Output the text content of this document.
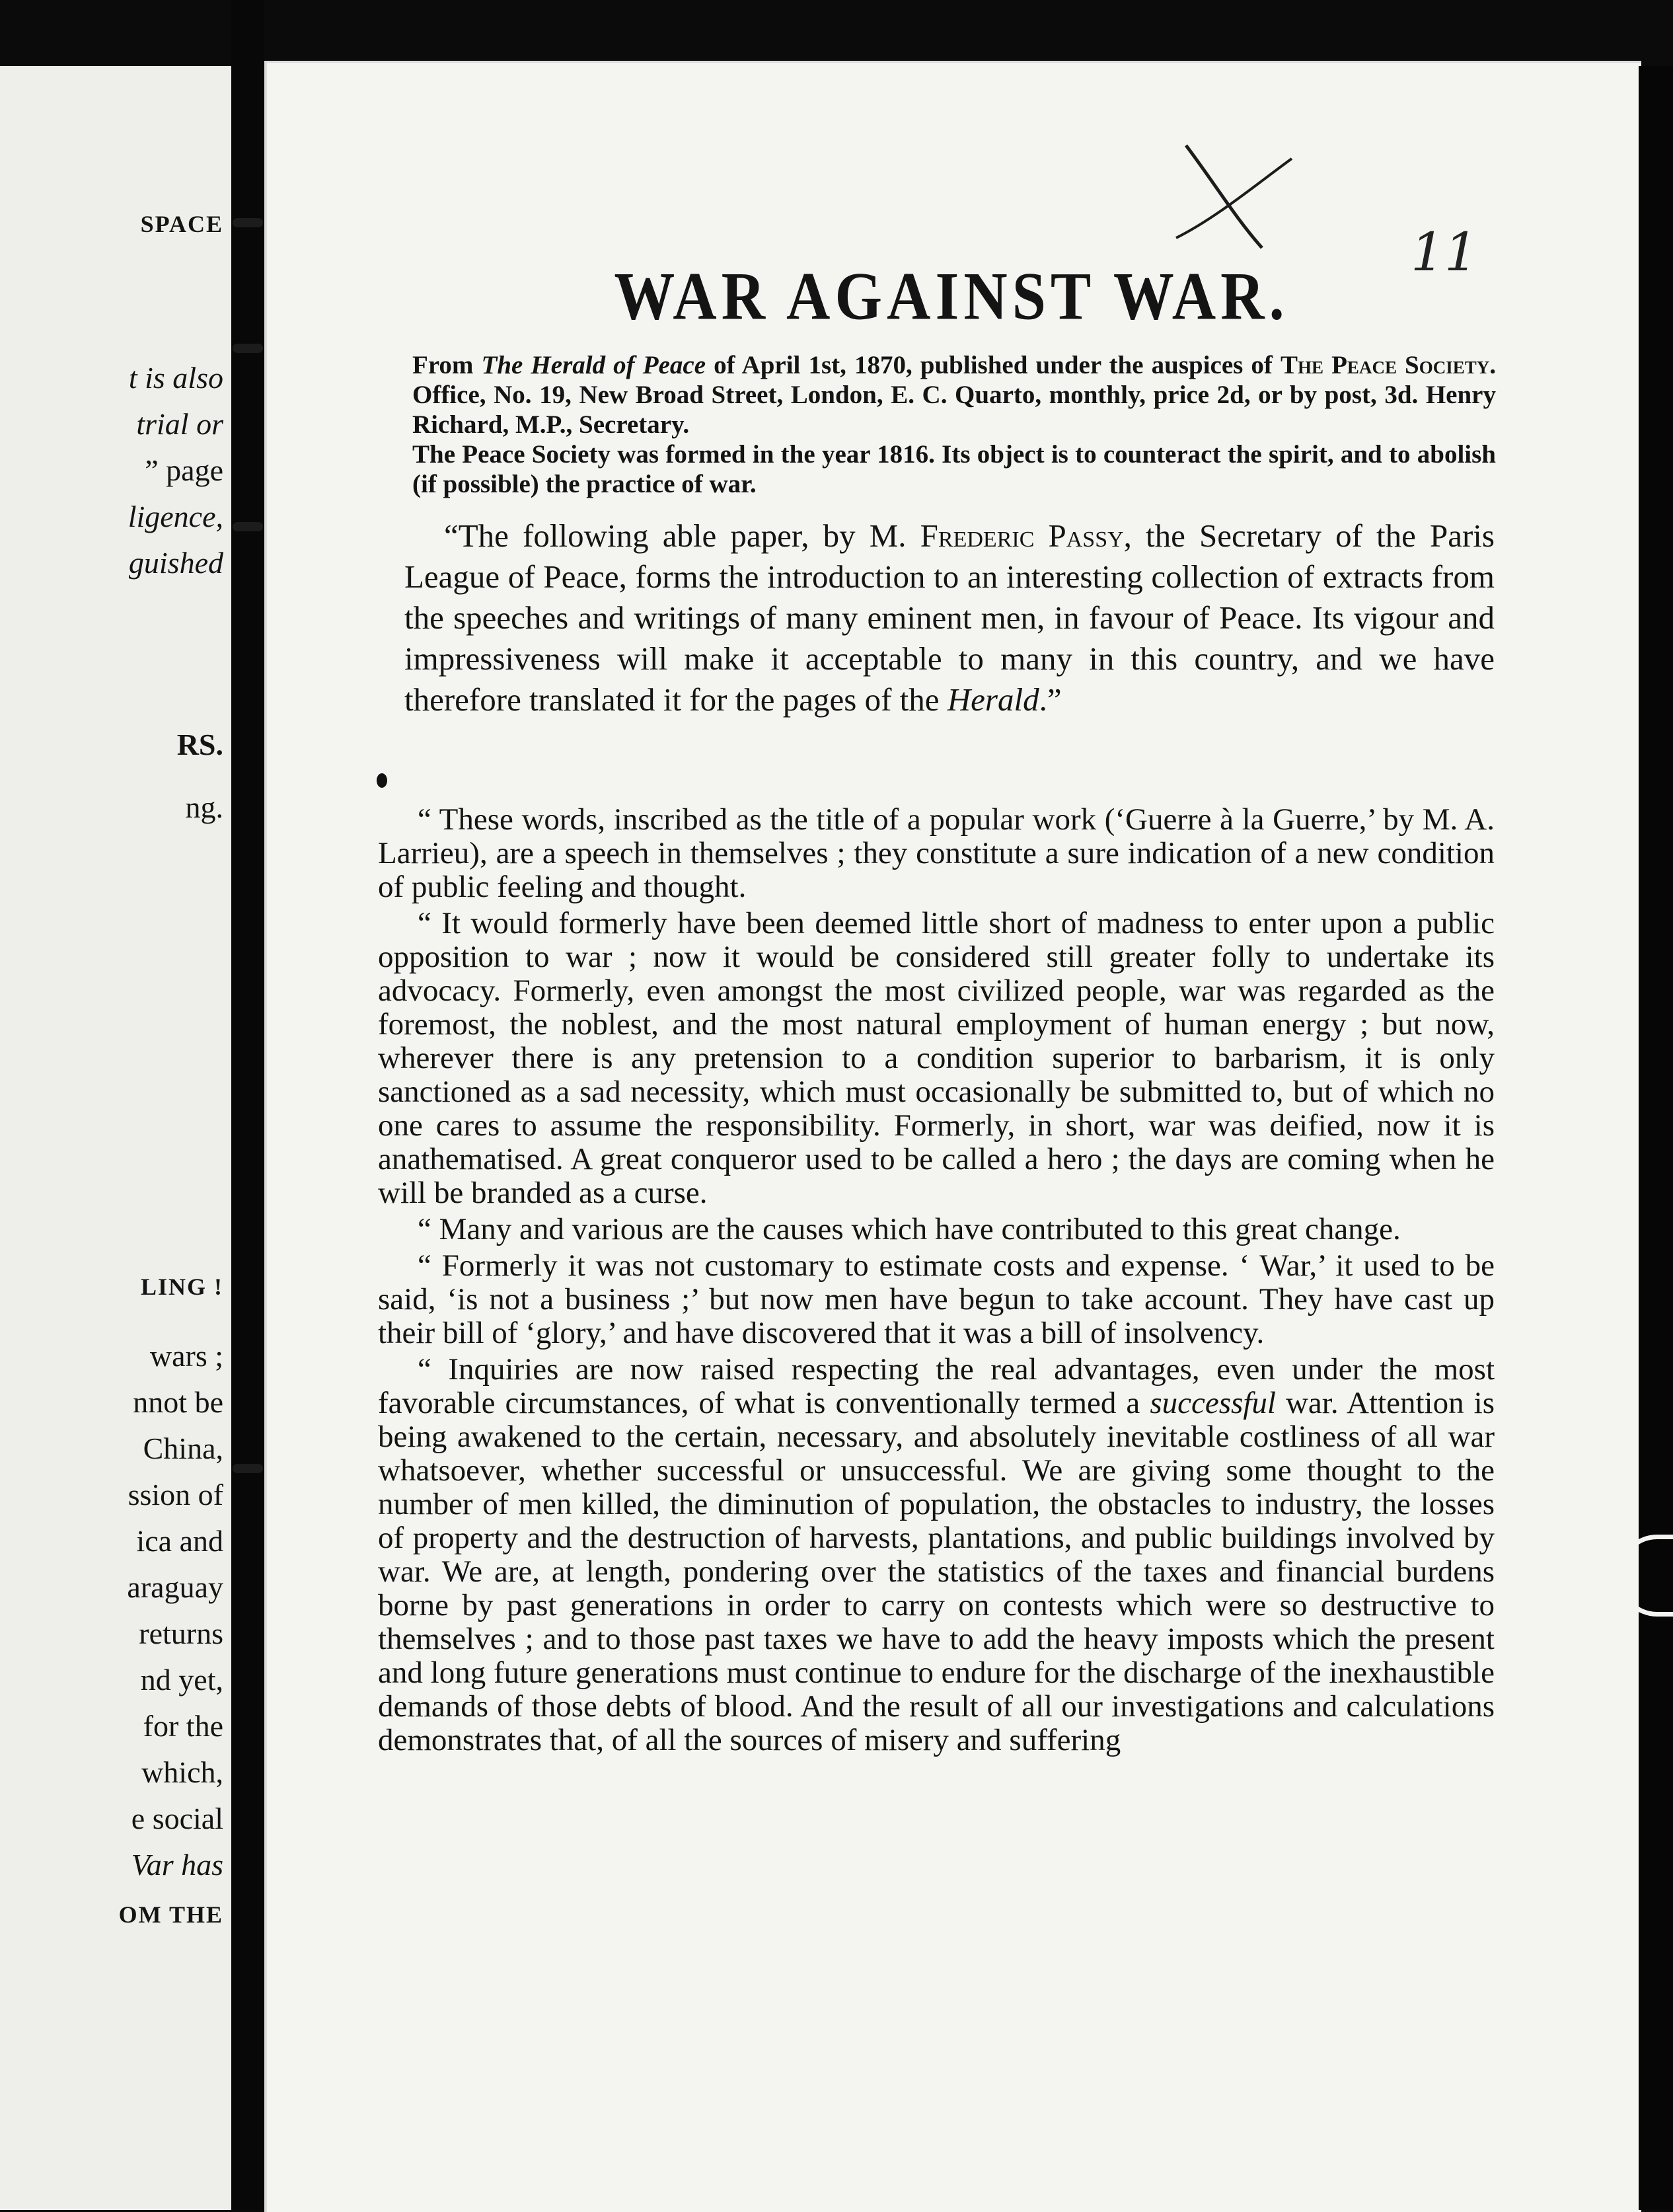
SPACE
t is also
trial or
” page
ligence,
guished
RS.
ng.
LING !
wars ;
nnot be
China,
ssion of
ica and
araguay
returns
nd yet,
for the
which,
e social
Var has
OM THE
11
WAR AGAINST WAR.

From The Herald of Peace of April 1st, 1870, published under the auspices of The Peace Society. Office, No. 19, New Broad Street, London, E. C. Quarto, monthly, price 2d, or by post, 3d. Henry Richard, M.P., Secretary.

The Peace Society was formed in the year 1816. Its object is to counteract the spirit, and to abolish (if possible) the practice of war.

“The following able paper, by M. Frederic Passy, the Secretary of the Paris League of Peace, forms the introduction to an interesting collection of extracts from the speeches and writings of many eminent men, in favour of Peace. Its vigour and impressiveness will make it acceptable to many in this country, and we have therefore translated it for the pages of the Herald.”

“ These words, inscribed as the title of a popular work (‘Guerre à la Guerre,’ by M. A. Larrieu), are a speech in themselves ; they constitute a sure indication of a new condition of public feeling and thought.

“ It would formerly have been deemed little short of madness to enter upon a public opposition to war ; now it would be considered still greater folly to undertake its advocacy. Formerly, even amongst the most civilized people, war was regarded as the foremost, the noblest, and the most natural employment of human energy ; but now, wherever there is any pretension to a condition superior to barbarism, it is only sanctioned as a sad necessity, which must occasionally be submitted to, but of which no one cares to assume the responsibility. Formerly, in short, war was deified, now it is anathematised. A great conqueror used to be called a hero ; the days are coming when he will be branded as a curse.

“ Many and various are the causes which have contributed to this great change.

“ Formerly it was not customary to estimate costs and expense. ‘ War,’ it used to be said, ‘is not a business ;’ but now men have begun to take account. They have cast up their bill of ‘glory,’ and have discovered that it was a bill of insolvency.

“ Inquiries are now raised respecting the real advantages, even under the most favorable circumstances, of what is conventionally termed a successful war. Attention is being awakened to the certain, necessary, and absolutely inevitable costliness of all war whatsoever, whether successful or unsuccessful. We are giving some thought to the number of men killed, the diminution of population, the obstacles to industry, the losses of property and the destruction of harvests, plantations, and public buildings involved by war. We are, at length, pondering over the statistics of the taxes and financial burdens borne by past generations in order to carry on contests which were so destructive to themselves ; and to those past taxes we have to add the heavy imposts which the present and long future generations must continue to endure for the discharge of the inexhaustible demands of those debts of blood. And the result of all our investigations and calculations demonstrates that, of all the sources of misery and suffering
